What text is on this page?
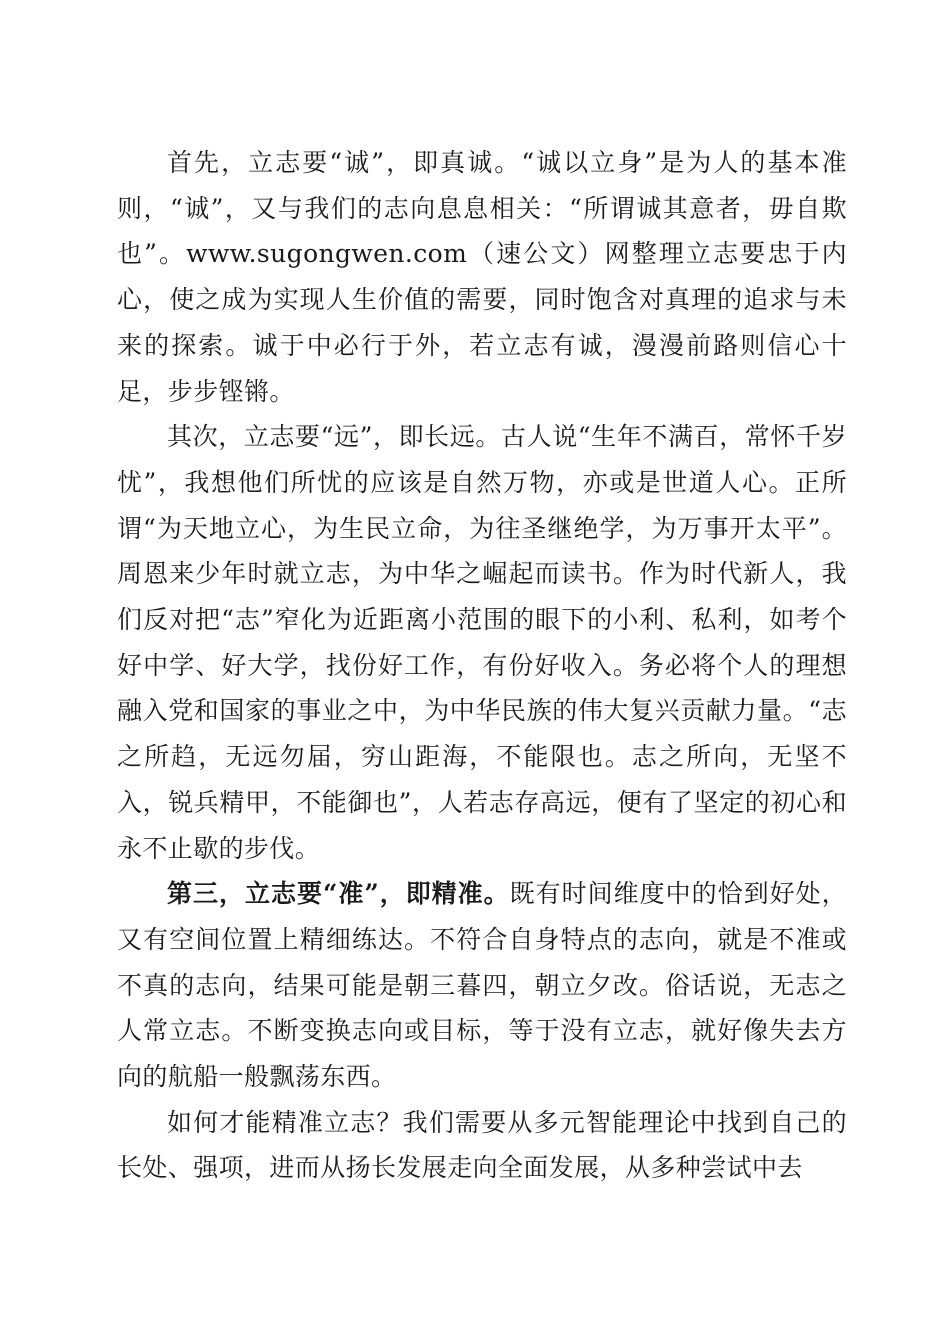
首先，立志要“诚”，即真诚。“诚以立身”是为人的基本准则，“诚”，又与我们的志向息息相关：“所谓诚其意者，毋自欺也”。www.sugongwen.com（速公文）网整理立志要忠于内心，使之成为实现人生价值的需要，同时饱含对真理的追求与未来的探索。诚于中必行于外，若立志有诚，漫漫前路则信心十足，步步铿锵。

其次，立志要“远”，即长远。古人说“生年不满百，常怀千岁忧”，我想他们所忧的应该是自然万物，亦或是世道人心。正所谓“为天地立心，为生民立命，为往圣继绝学，为万事开太平”。周恩来少年时就立志，为中华之崛起而读书。作为时代新人，我们反对把“志”窄化为近距离小范围的眼下的小利、私利，如考个好中学、好大学，找份好工作，有份好收入。务必将个人的理想融入党和国家的事业之中，为中华民族的伟大复兴贡献力量。“志之所趋，无远勿届，穷山距海，不能限也。志之所向，无坚不入，锐兵精甲，不能御也”，人若志存高远，便有了坚定的初心和永不止歇的步伐。

第三，立志要“准”，即精准。既有时间维度中的恰到好处，又有空间位置上精细练达。不符合自身特点的志向，就是不准或不真的志向，结果可能是朝三暮四，朝立夕改。俗话说，无志之人常立志。不断变换志向或目标，等于没有立志，就好像失去方向的航船一般飘荡东西。

如何才能精准立志？我们需要从多元智能理论中找到自己的长处、强项，进而从扬长发展走向全面发展，从多种尝试中去
